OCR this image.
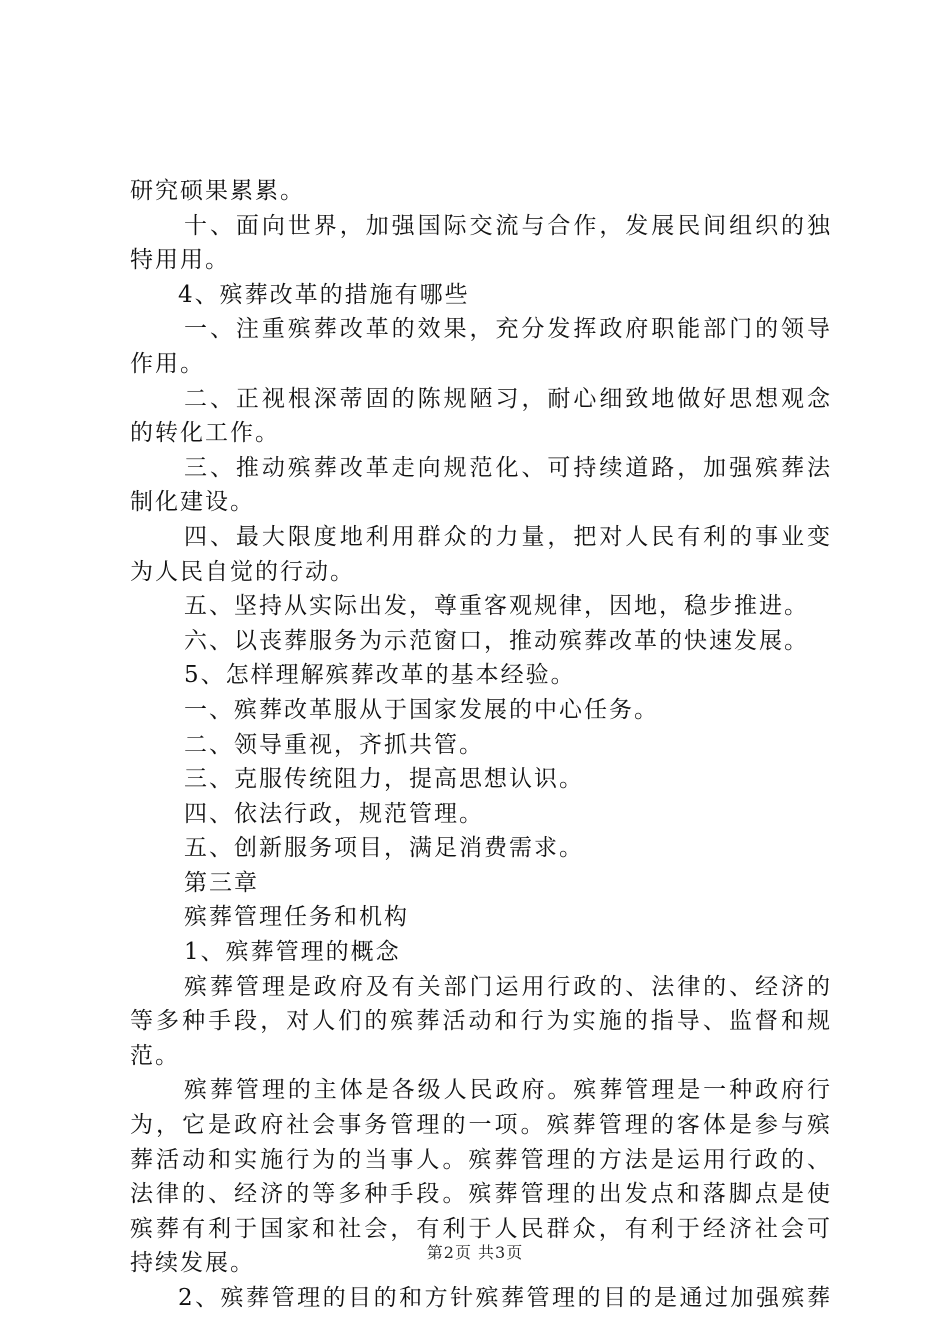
研究硕果累累。
十、面向世界，加强国际交流与合作，发展民间组织的独
特用用。
4、殡葬改革的措施有哪些
一、注重殡葬改革的效果，充分发挥政府职能部门的领导
作用。
二、正视根深蒂固的陈规陋习，耐心细致地做好思想观念
的转化工作。
三、推动殡葬改革走向规范化、可持续道路，加强殡葬法
制化建设。
四、最大限度地利用群众的力量，把对人民有利的事业变
为人民自觉的行动。
五、坚持从实际出发，尊重客观规律，因地，稳步推进。
六、以丧葬服务为示范窗口，推动殡葬改革的快速发展。
5、怎样理解殡葬改革的基本经验。
一、殡葬改革服从于国家发展的中心任务。
二、领导重视，齐抓共管。
三、克服传统阻力，提高思想认识。
四、依法行政，规范管理。
五、创新服务项目，满足消费需求。
第三章
殡葬管理任务和机构
1、殡葬管理的概念
殡葬管理是政府及有关部门运用行政的、法律的、经济的
等多种手段，对人们的殡葬活动和行为实施的指导、监督和规
范。
殡葬管理的主体是各级人民政府。殡葬管理是一种政府行
为，它是政府社会事务管理的一项。殡葬管理的客体是参与殡
葬活动和实施行为的当事人。殡葬管理的方法是运用行政的、
法律的、经济的等多种手段。殡葬管理的出发点和落脚点是使
殡葬有利于国家和社会，有利于人民群众，有利于经济社会可
持续发展。
2、殡葬管理的目的和方针殡葬管理的目的是通过加强殡葬
第2页 共3页
